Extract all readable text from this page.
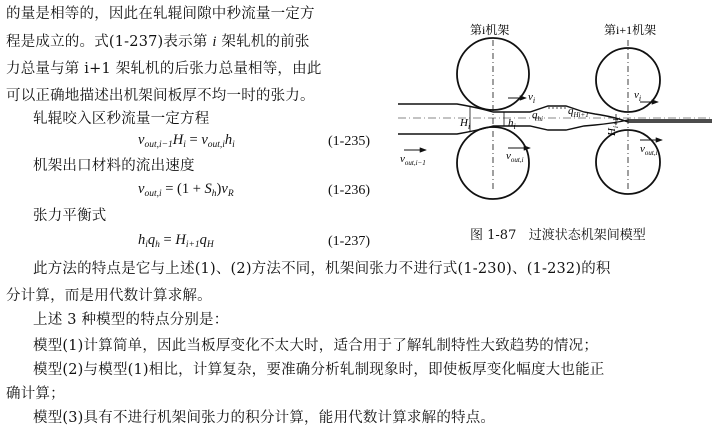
的量是相等的，因此在轧辊间隙中秒流量一定方
程是成立的。式(1-237)表示第 i 架轧机的前张
力总量与第 i+1 架轧机的后张力总量相等，由此
可以正确地描述出机架间板厚不均一时的张力。
轧辊咬入区秒流量一定方程
$v_{out,i-1}H_i = v_{out,i}h_i$	(1-235)
机架出口材料的流出速度
$v_{out,i} = (1 + S_h)v_R$	(1-236)
张力平衡式
$h_iq_h = H_{i+1}q_H$	(1-237)
此方法的特点是它与上述(1)、(2)方法不同，机架间张力不进行式(1-230)、(1-232)的积
分计算，而是用代数计算求解。
上述 3 种模型的特点分别是：
模型(1)计算简单，因此当板厚变化不太大时，适合用于了解轧制特性大致趋势的情况；
模型(2)与模型(1)相比，计算复杂，要准确分析轧制现象时，即使板厚变化幅度大也能正
确计算；
模型(3)具有不进行机架间张力的积分计算，能用代数计算求解的特点。
第i机架	第i+1机架
$H_i$	$h_i$
$v_i$	$v_i$
$q_{hi}$
$q_{Hi+1}$
$H_{i+1}$
$v_{out,i-1}$
$v_{out,i}$
$v_{out,i}$
图 1-87 过渡状态机架间模型
